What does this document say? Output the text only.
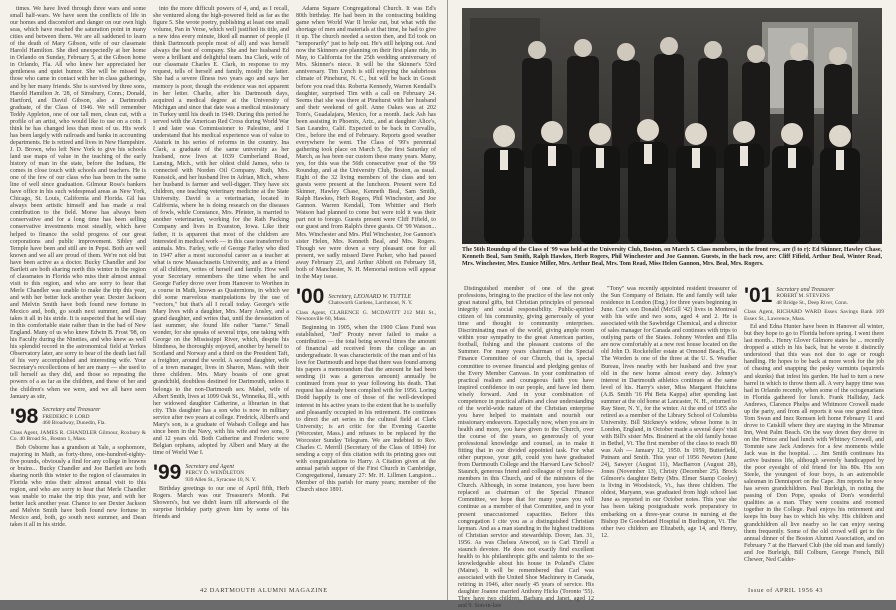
times. We have lived through three wars and some small half-wars. We have seen the conflicts of life in our homes and discomfort and danger on our own high seas, which have reached the saturation point in many cities and between them. We are all saddened to learn of the death of Mary Gibson, wife of our classmate Harold Hamilton. She died unexpectedly at her home in Orlando on Sunday, February 5, at the Gibson home in Orlando, Fla. All who knew her appreciated her gentleness and quiet humor. She will be missed by those who came in contact with her in class gatherings, and by her many friends. She is survived by three sons, Harold Hamilton Jr. '28, of Simsbury, Conn.; Donald, Hartford, and David Gibson, also a Dartmouth graduate, of the Class of 1946. We will remember Teddy Appleton, one of our tall men, clean cut, with a profile of an artist, who would like to use on a coin. I think he has changed less than most of us. His work has been largely with railroads and banks in accounting departments. He is retired and lives in New Hampshire. J. D. Brown, who left New York to give his schools land use maps of value in the teaching of the early history of man in the state, before the Indians, He comes in close touch with schools and teachers. He is one of the few of our class who has been in the same line of well since graduation. Gilmour Ross's bankers have office in his such widespread areas as New York, Chicago, St. Louis, California and Florida. Gil has always been artistic himself and has made a real contribution to the field. Morse has always been conservative and for a long time has been selling conservative investments most steadily, which have helped to finance the solid progress of our great corporations and public improvement. Sibley and Temple have been and still are in Pepsi. Both are well known and we all are proud of them. We're not old but have been active as a doctor. Bucky Chandler and Joe Bartlett are both sharing north this winter in the region of classmates in Florida who miss their almost annual visit to this region, and who are sorry to hear that Merle Chandler was unable to make the trip this year, and with her better luck another year. Dexter Jackson and Melvin Smith have both found new fortune in Mexico and, both, go south next summer, and Dean takes it all in his stride. It is suspected that he will stay in this comfortable state rather than in the bad of New England. Many of us who knew Edwin B. Frost '98, on his Faculty during the Nineties, and who knew as well his splendid record in the astronomical field at Yerkes Observatory later, are sorry to hear of the death last fall of his very accomplished and interesting wife. Your Secretary's recollections of her are many — she used to tell herself as they did, and those so repeating the powers of a as far as the children, and these of her and the children's when we were, and we all have seen January as stir,

'98 Secretary and Treasurer
FREDERIC P. LORD
460 Broadway, Dunedin, Fla.
Class Agent, JAMES R. CHANDLER Gilmour, Roxbury & Co. 40 Broad St., Boston 1, Mass.

Bob Osborne has a grandson at Yale, a sophomore, majoring in Math, as forty-three, one-hundred-eighty-five pounds, obviously a find for any college in brawns or brains... Bucky Chandler and Joe Bartlett are both sharing north this winter to the region of classmates in Florida who miss their almost annual visit to this region, and who are sorry to hear that Merle Chandler was unable to make the trip this year, and with her better luck another year. Chance to see Dexter Jackson and Melvin Smith have both found new fortune in Mexico and, both, go south next summer, and Dean takes it all in his stride.

into the more difficult powers of 4, and, as I recall, she ventured along the high-powered field as far as the figure 5. She wrote poetry, publishing at least one small volume, Pan in Verse, which well justified its title, and a new idea every minute, liked all manner of people (I think Dartmouth people most of all) and was herself always the best of company. She and her husband Ed were a brilliant and delightful team. Ina Clark, wife of our classmate Charles E. Clark, in response to my request, tells of herself and family, mostly the latter. She had a severe illness two years ago and says her memory is poor, though the evidence was not apparent in her letter. Charlie, after his Dartmouth days, acquired a medical degree at the University of Michigan and since that date was a medical missionary in Turkey until his death in 1949. During this period he served with the American Red Cross during World War I and later was Commissioner to Palestine, and I understand that his medical experience was of value to Ataturk in his series of reforms in the country. Ina Clark, a graduate of the same university as her husband, now lives at 1039 Cumberland Road, Lansing, Mich., with her oldest child James, who is connected with Norden Oil Company. Ruth, Mrs. Kuessick, and her husband live in Adrian, Mich., where her husband is farmer and well-digger. They have six children, one teaching veterinary medicine at the State University. David is a veterinarian, located in California, where he is doing research on the diseases of fowls, while Constance, Mrs. Pfeister, is married to another veterinarian, working for the Rath Packing Company and lives in Evanston, Iowa. Like their father, it is apparent that most of the children are interested in medical work — in this case transferred to animals. Mrs. Farley, wife of George Farley who died in 1947 after a most successful career as a teacher at what is now Massachusetts University, and as a friend of all children, writes of herself and family. How well your Secretary remembers the time when he and George Farley drove over from Hanover to Worthen in a course in Math, known as Quaternions, in which we did some marvelous manipulations by the use of "vectors," but that's all I recall today. George's wife Mary lives with a daughter, Mrs. Mary Ansley, and a grand daughter, and writes that, until the devastation of last summer, she found life rather "tame." Small wonder, for she speaks of several trips, one taking with George on the Mississippi River, which, despite his blindness, he thoroughly enjoyed, another by herself to Scotland and Norway and a third on the President Taft, a freighter, around the world. A second daughter, wife of a town manager, lives in Sharon, Mass. with their three children. Mrs. Mary boasts of one great grandchild, doubtless destined for Dartmouth, unless it belongs to the non-Dartmouth sex. Mabel, wife of Albert Smith, lives at 1099 Oak St., Winnetka, Ill., with her widowed daughter Catherine, a librarian in that city. This daughter has a son who is now in military service after two years at college. Fredrick, Albert's and Mary's son, is a graduate of Wabash College and has since been in the Navy, with his wife and two sons, 9 and 12 years old. Both Catherine and Frederic were Belgian orphans, adopted by Albert and Mary at the time of World War I.

'99 Secretary and Agent
PERCY D. WENDLETON
939 Allen St., Syracuse 10, N. Y.

Birthday greetings to our one of April fifth, Herb Rogers. March was our Treasurer's Month. Pat Showers's, but we didn't learn till afterwards of the surprise birthday party given him by some of his friends and

Adams Square Congregational Church. It was Ed's 80th birthday. He had been in the contracting building game when World War II broke out, but what with the shortage of men and materials at that time, he had to give it up. The church needed a sexton then, and Ed took on "temporarily" just to help out. He's still helping out. And now the Skinners are planning on their first plane ride, in May, to California for the 25th wedding anniversary of Mrs. Skinner's niece. It will be the Skinner's 53rd anniversary. Tim Lynch is still enjoying the salubrious climate of Pinehurst, N. C., but will be back in Gossit before you read this. Roberta Kennedy, Warren Kendall's daughter, surprised Tim with a call on February 24. Seems that she was there at Pinehurst with her husband and their weekend of golf. Anne Oakes was at 202 Tom's, Guadalajara, Mexico, for a month. Jack Ash has been assisting in Phoenix, Ariz., and at daughter Alice's, San Leandro, Calif. Expected to be back in Corvallis, Ore., before the end of February. Reports good weather everywhere he went. The Class of '99's perennial gathering took place on March 5, the first Saturday of March, as has been our custom these many years. Many, yes, for this was the 56th consecutive year of the '99 Roundup, and at the University Club, Boston, as usual. Eight of the 32 living members of the class and ten guests were present at the luncheon. Present were Ed Skinner, Hawley Chase, Kenneth Beal, Sam Smith, Ralph Hawkes, Herb Rogers, Phil Winchester, and Joe Gannon. Warren Kendall, Tom Whittier and Herb Watson had planned to come but were told it was their part not to forego. Guests present were Cliff Fifield, to our guest and from Ralph's three guests. Of '99 Watson... Mrs. Winchester and Mrs. Phil Winchester, Joe Gannon's sister Helen, Mrs. Kenneth Beal, and Mrs. Rogers. Though we were down a very pleasant one for all present, we sadly missed Dave Parker, who had passed away February 23, and Arthur Abbott on February 18, both of Manchester, N. H. Memorial notices will appear in the May issue.

'00 Secretary, LEONARD W. TUTTLE
Chatsworth Gardens, Larchmont, N. Y.
Class Agent, CLARENCE G. MCDAVITT 212 Mill St., Newtonville 60, Mass.

Beginning in 1905, when the 1900 Class Fund was established, "Jed" Prouty never failed to make a contribution — the total being several times the amount of financial aid received from the college as an undergraduate. It was characteristic of the man and of his love for Dartmouth and hope that there was found among his papers a memorandum that the amount he had been sending (it was a generous amount) annually be continued from year to year following his death. That request has already been complied with for 1956. Loring Dodd happily is one of those of the well-developed interest in his active years to the extent that he is usefully and pleasantly occupied in his retirement. He continues to direct the art series in the cultural field at Clark University; is art critic for the Evening Gazette (Worcester, Mass.) and refuses to be replaced by the Worcester Sunday Telegram. We are indebted to Rev. Charles C. Merrill (Secretary of the Class of 1894) for sending a copy of this citation with its printing goes out with congratulations to Harry. A Citation given at the annual parish supper of the First Church in Cambridge, Congregational, January 27: Mr. H. Lillmen Langston... Member of this parish for many years; member of the Church since 1891.

42 DARTMOUTH ALUMNI MAGAZINE
The 56th Roundup of the Class of '99 was held at the University Club, Boston, on March 5. Class members, in the front row, are (l to r): Ed Skinner, Hawley Chase, Kenneth Beal, Sam Smith, Ralph Hawkes, Herb Rogers, Phil Winchester and Joe Gannon. Guests, in the back row, are: Cliff Fifield, Arthur Beal, Winter Read, Mrs. Winchester, Mrs. Eunice Miller, Mrs. Arthur Beal, Mrs. Tom Read, Miss Helen Gannon, Mrs. Beal, Mrs. Rogers.

Distinguished member of one of the great professions, bringing to the practice of the law not only great natural gifts, but Christian principles of personal integrity and social responsibility. Public-spirited citizen of his community, giving generously of your time and thought to community enterprises. Discriminating man of the world, giving ample room within your sympathy to the great American parties, football, fishing and the pleasant customs of the Summer. For many years chairman of the Special Finance Committee of our Church, that is, special committee to oversee financial and pledging genius of the Every Member Canvass. In your combination of practical realism and courageous faith you have inspired confidence in our people, and have led them wisely forward. And in your combination of competence in practical affairs and clear understanding of the world-wide nature of the Christian enterprise you have helped to maintain and nourish our missionary endeavors. Especially now, when you are in health and more, you have given to the Church, over the course of the years, so generously of your professional knowledge and counsel, as to make it fitting that in our divided appointed task. For what other purpose, your gift, could you have graduated from Dartmouth College and the Harvard Law School? Staunch, generous friend and colleague of your fellow-members in this Church, and of the ministers of the Church. Although, in some instances, you have been replaced as chairman of the Special Finance Committee, we hope that for many years you will continue as a member of that Committee, and in your present unaccustomed capacities. Before this congregation I cite you as a distinguished Christian layman. And as a man standing in the highest traditions of Christian service and stewardship. Dover, Jan. 31, 1956. As was Chelsea Atwood, so is Carl Tirrell a staunch devotee. He does not exactly find excellent health to his philanthropic gifts and talents to the so-knowledgeable about his house in Poland's Claire (Maine). It will be remembered that Carl was associated with the United Shoe Machinery in Canada, retiring in 1946, after nearly 45 years of service. His daughter Joanne married Anthony Hicks (Toronto '55). They have two children, Barbara and Janet, aged 12 and 9. Son-in-law

"Tony" was recently appointed resident treasurer of the Sun Company of Britain. He and family will take residence in London (Eng.) for three years beginning in June. Cur's son Donald (McGill '42) lives in Montreal with his wife and two sons, aged 4 and 2. He is associated with the Sawbridge Chemical, and a director of sales manager for Canada and continues with trips to outlying parts of the States. Johnny Worden and Ella are now comfortably at a new rest house located on the old John D. Rockefeller estate at Ormond Beach, Fla. The Worden is one of the three at the U. S. Weather Bureau, lives nearby with her husband and five year old in the new home almost every day. Johnny's interest in Dartmouth athletics continues at the same level of his. Harry's sister, Miss Margaret Hutchins (A.B. Smith '16 Phi Beta Kappa) after spending last summer at the old home at Lancaster, N. H., returned to Ray Steer, N. Y., for the winter. At the end of 1955 she retired as a member of the Library School of Columbia University. Bill Stickney's widow, whose home is in London, England, in October made a several days' visit with Bill's sister Mrs. Brainerd at the old family house in Bethel, Vt. The first member of the class to reach 80 was Ash — January 12, 1950. In 1959, Butterfield, Putnam and Smith. This year of 1956 Newton (June 24), Sawyer (August 11), MacBarron (August 28), Jones (November 13), Christy (December 25). Brock Gilmore's daughter Betty (Mrs. Elmer Stamp Cooley) is living in Woodstock, Vt., has three children. The oldest, Maryann, was graduated from high school last June as reported in our October notes. This year she has been taking postgraduate work preparatory to embarking on a three-year course in nursing at the Bishop De Goesbriand Hospital in Burlington, Vt. The other two children are Elizabeth, age 14, and Henry, 12.

'01 Secretary and Treasurer
ROBERT M. STEVENS
48 Bridge St., Deep River, Conn.
Class Agent, RICHARD WARD Essex Savings Bank 109 Essex St., Lawrence, Mass.

Ed and Edna Hunter have been in Hanover all winter, but they hope to go to Florida before spring. I went there last month... Henry Glover Gilmore states he ... recently dropped a stitch in his back, but he wrote it distinctly understood that this was not due to age or rough handling. He hopes to be back at more work for the job of chasing and snapping the pesky varmints (squirrels and skunks) that infest his garden. He had to turn a new barrel in which to throw them all. A very happy time was had in Orlando recently, when some of the octogenarians in Florida gathered for lunch. Frank Halliday, Jack Andrews, Clarence Phelps and Whitmore Crowell made up the party, and from all reports it was one grand time. Tom Swan and Inez Remsen left home February 11 and drove to Catskill where they are staying in the Miramar Inn, West Palm Beach. On the way down they drove in on the Prince and had lunch with Whitney Crowell, and Tommie saw Jack Andrews for a few moments while Jack was in the hospital. ... Jim Smith continues his active business life, although severely handicapped by the poor eyesight of old friend for his 80s. His son Steele, the youngest of four boys, is an automobile salesman in Dennisport on the Cape. Jim reports he now has seven grandchildren. Paul Burleigh, in noting the passing of Don Pope, speaks of Don's wonderful qualities as a man. They were cousins and roomed together in the College. Paul enjoys his retirement and keeps his busy has to which his why. His children and grandchildren all live nearby so he can enjoy seeing them frequently. Some of the old crowd will get to the annual dinner of the Boston Alumni Association, and on February 7 at the Harvard Club (the old man and family) and Joe Burleigh, Bill Colburn, George French, Bill Chewer, Ned Calder-

Issue of APRIL 1956 43
